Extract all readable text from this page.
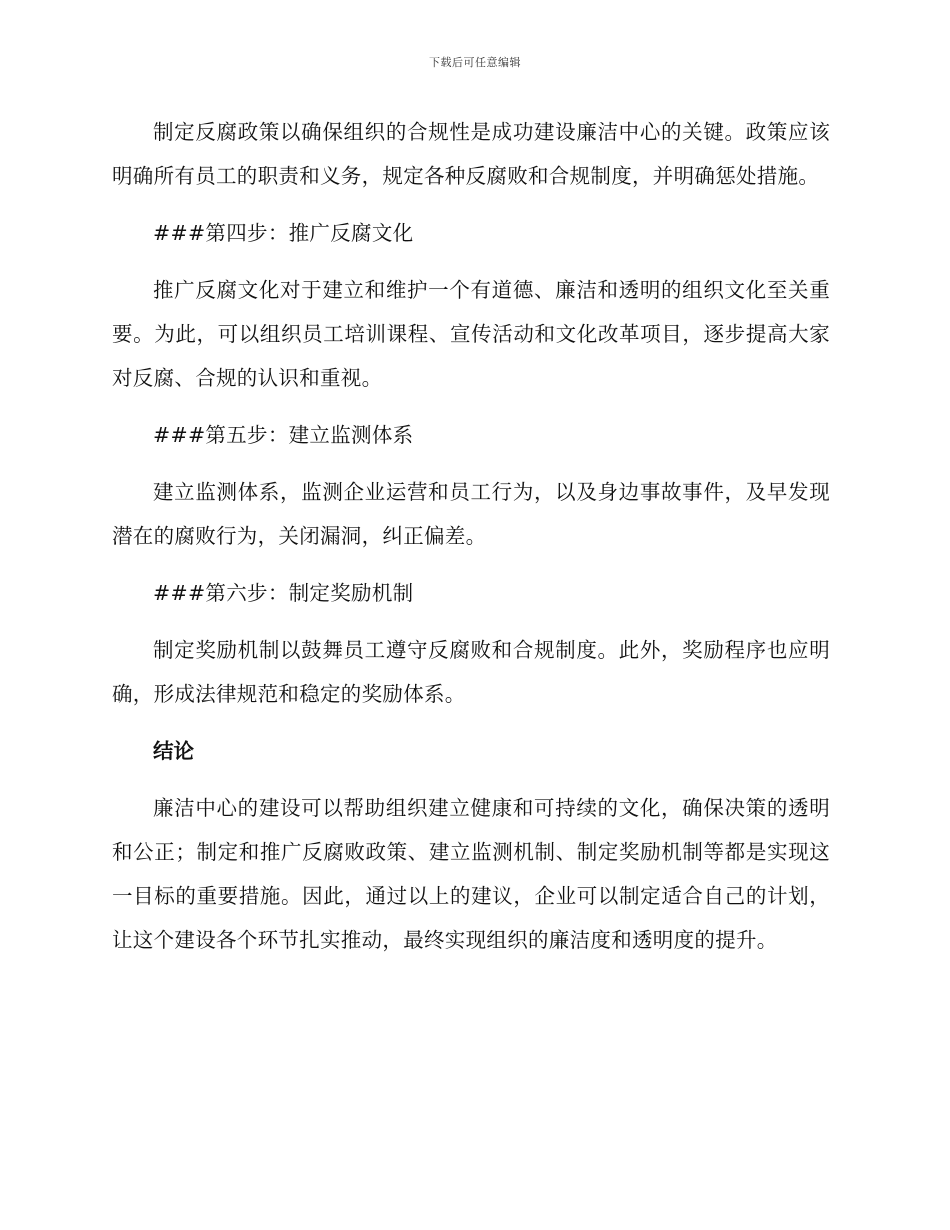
下载后可任意编辑

制定反腐政策以确保组织的合规性是成功建设廉洁中心的关键。政策应该明确所有员工的职责和义务，规定各种反腐败和合规制度，并明确惩处措施。

###第四步：推广反腐文化

推广反腐文化对于建立和维护一个有道德、廉洁和透明的组织文化至关重要。为此，可以组织员工培训课程、宣传活动和文化改革项目，逐步提高大家对反腐、合规的认识和重视。

###第五步：建立监测体系

建立监测体系，监测企业运营和员工行为，以及身边事故事件，及早发现潜在的腐败行为，关闭漏洞，纠正偏差。

###第六步：制定奖励机制

制定奖励机制以鼓舞员工遵守反腐败和合规制度。此外，奖励程序也应明确，形成法律规范和稳定的奖励体系。

结论

廉洁中心的建设可以帮助组织建立健康和可持续的文化，确保决策的透明和公正；制定和推广反腐败政策、建立监测机制、制定奖励机制等都是实现这一目标的重要措施。因此，通过以上的建议，企业可以制定适合自己的计划，让这个建设各个环节扎实推动，最终实现组织的廉洁度和透明度的提升。
